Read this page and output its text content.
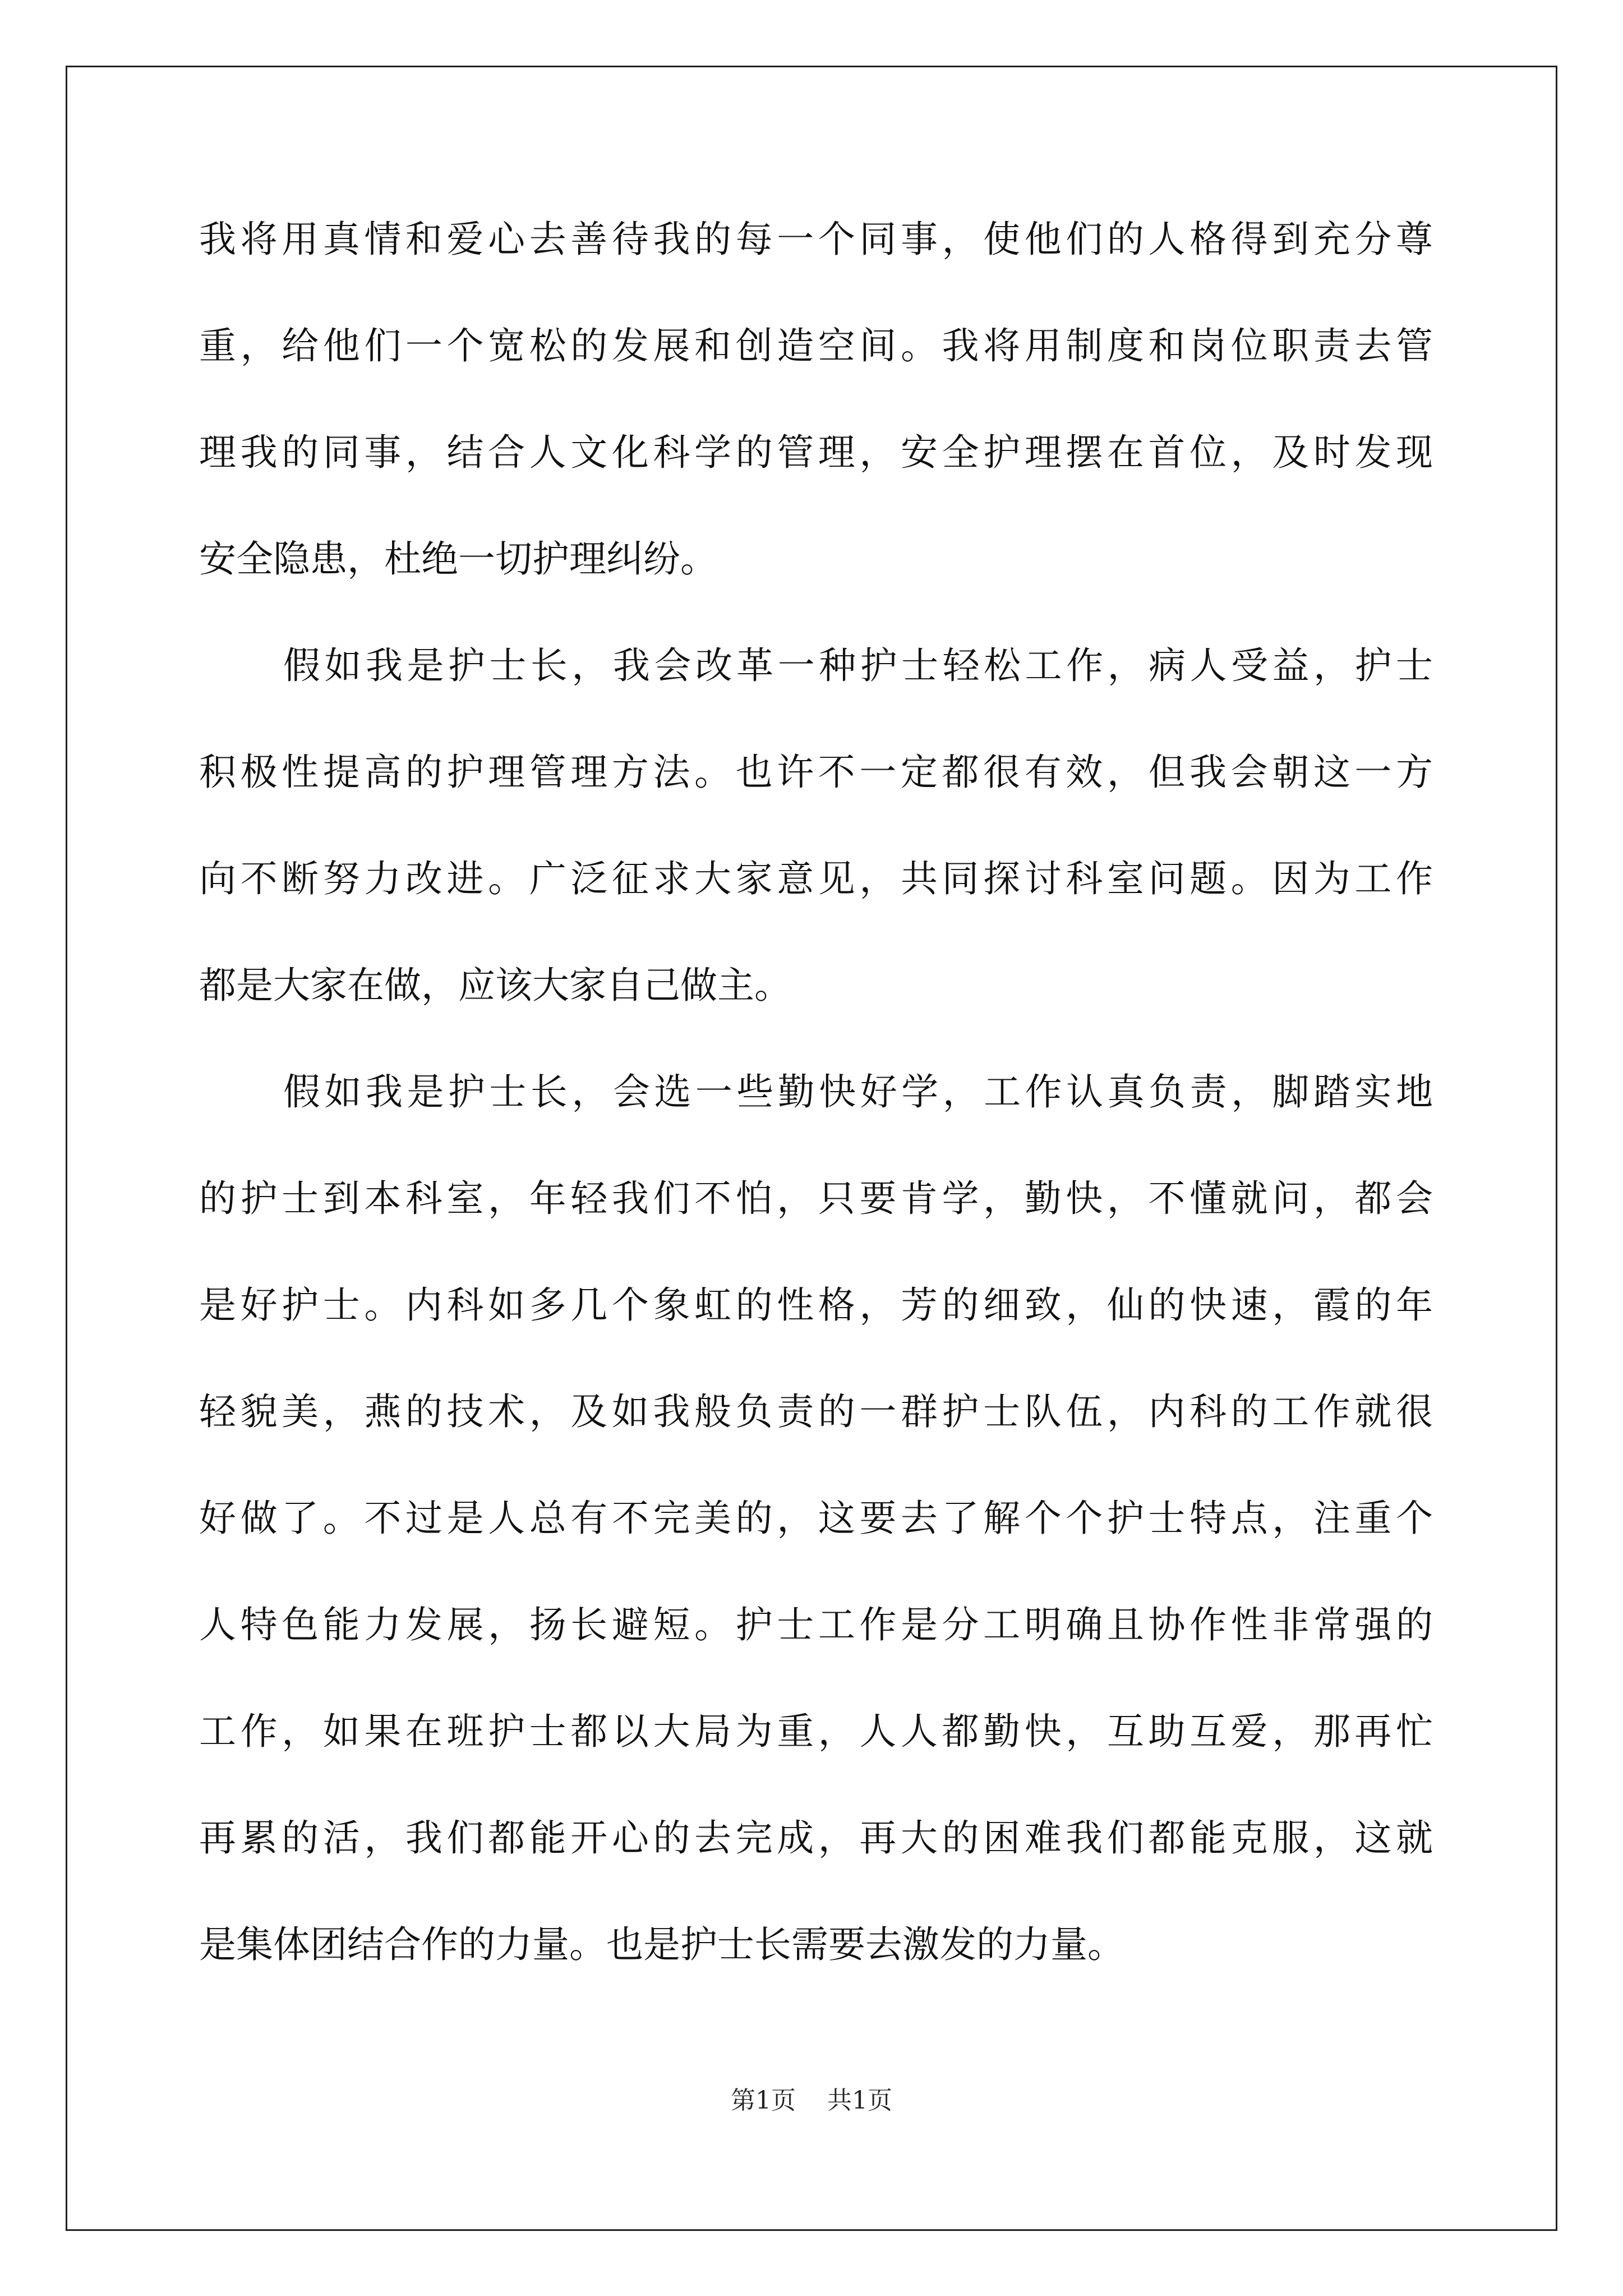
我将用真情和爱心去善待我的每一个同事，使他们的人格得到充分尊
重，给他们一个宽松的发展和创造空间。我将用制度和岗位职责去管
理我的同事，结合人文化科学的管理，安全护理摆在首位，及时发现
安全隐患，杜绝一切护理纠纷。
假如我是护士长，我会改革一种护士轻松工作，病人受益，护士
积极性提高的护理管理方法。也许不一定都很有效，但我会朝这一方
向不断努力改进。广泛征求大家意见，共同探讨科室问题。因为工作
都是大家在做，应该大家自己做主。
假如我是护士长，会选一些勤快好学，工作认真负责，脚踏实地
的护士到本科室，年轻我们不怕，只要肯学，勤快，不懂就问，都会
是好护士。内科如多几个象虹的性格，芳的细致，仙的快速，霞的年
轻貌美，燕的技术，及如我般负责的一群护士队伍，内科的工作就很
好做了。不过是人总有不完美的，这要去了解个个护士特点，注重个
人特色能力发展，扬长避短。护士工作是分工明确且协作性非常强的
工作，如果在班护士都以大局为重，人人都勤快，互助互爱，那再忙
再累的活，我们都能开心的去完成，再大的困难我们都能克服，这就
是集体团结合作的力量。也是护士长需要去激发的力量。
第1页    共1页
